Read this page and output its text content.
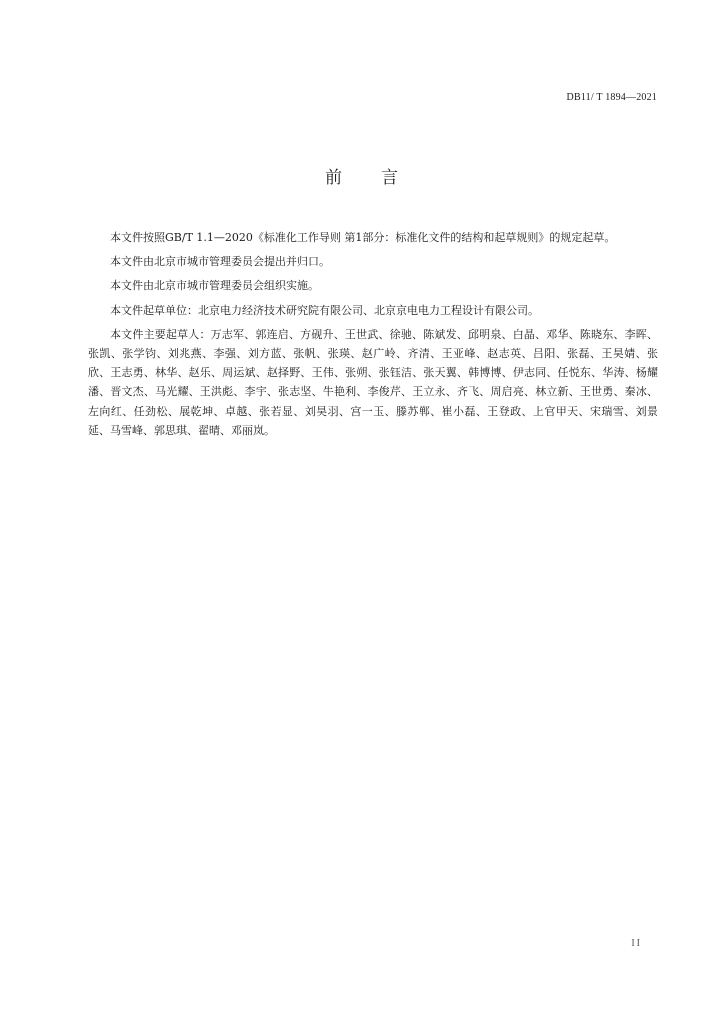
DB11/ T 1894—2021
前 言

本文件按照GB/T 1.1—2020《标准化工作导则 第1部分：标准化文件的结构和起草规则》的规定起草。

本文件由北京市城市管理委员会提出并归口。

本文件由北京市城市管理委员会组织实施。

本文件起草单位：北京电力经济技术研究院有限公司、北京京电电力工程设计有限公司。

本文件主要起草人：万志军、郭连启、方砚升、王世武、徐驰、陈斌发、邱明泉、白晶、邓华、陈晓东、李晖、张凯、张学钧、刘兆燕、李强、刘方蓝、张帆、张瑛、赵广岭、齐清、王亚峰、赵志英、吕阳、张磊、王昊婧、张欣、王志勇、林华、赵乐、周运斌、赵择野、王伟、张朔、张钰洁、张天翼、韩博博、伊志同、任悦东、华涛、杨耀潘、晋文杰、马光耀、王洪彪、李宇、张志坚、牛艳利、李俊芹、王立永、齐飞、周启亮、林立新、王世勇、秦冰、左向红、任劲松、展乾坤、卓越、张若显、刘昊羽、宫一玉、滕苏郸、崔小磊、王登政、上官甲天、宋瑞雪、刘景延、马雪峰、郭思琪、翟晴、邓丽岚。

II
